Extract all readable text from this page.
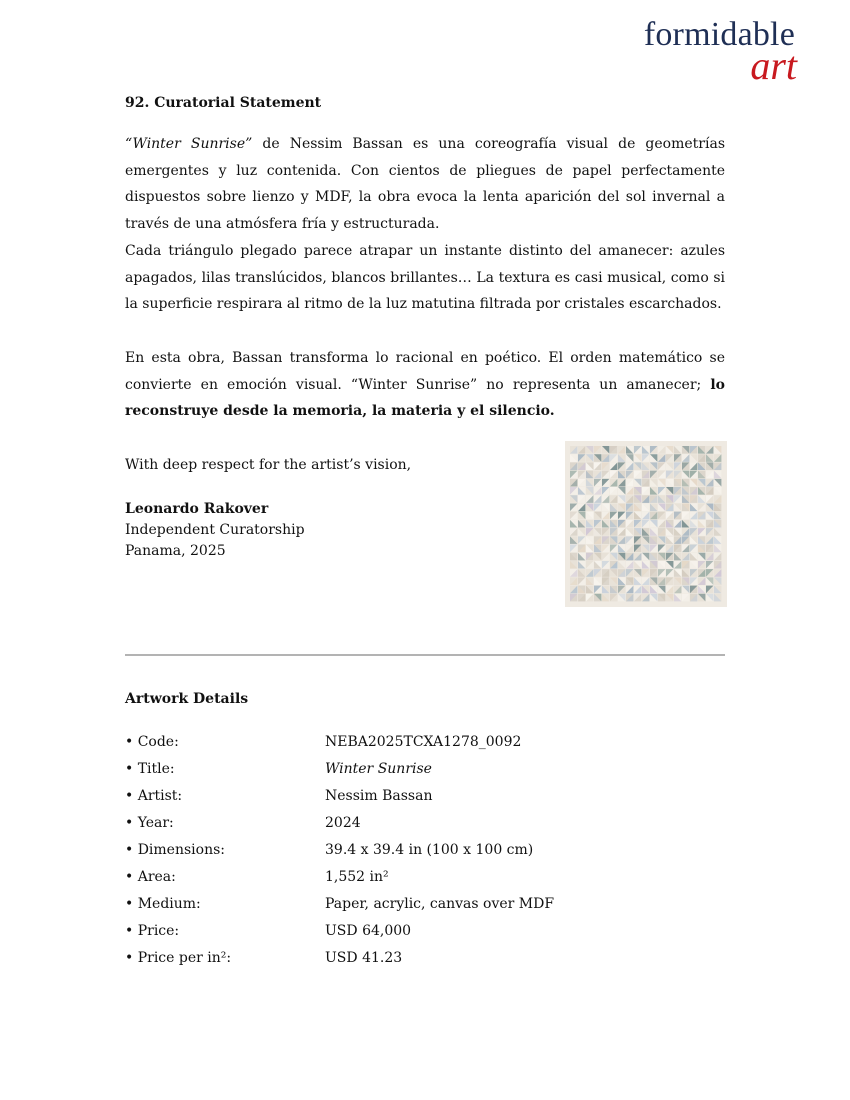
formidable
art
92. Curatorial Statement
“Winter Sunrise” de Nessim Bassan es una coreografía visual de geometrías emergentes y luz contenida. Con cientos de pliegues de papel perfectamente dispuestos sobre lienzo y MDF, la obra evoca la lenta aparición del sol invernal a través de una atmósfera fría y estructurada.
Cada triángulo plegado parece atrapar un instante distinto del amanecer: azules apagados, lilas translúcidos, blancos brillantes… La textura es casi musical, como si la superficie respirara al ritmo de la luz matutina filtrada por cristales escarchados.
En esta obra, Bassan transforma lo racional en poético. El orden matemático se convierte en emoción visual. “Winter Sunrise” no representa un amanecer; lo reconstruye desde la memoria, la materia y el silencio.
With deep respect for the artist’s vision,
Leonardo Rakover
Independent Curatorship
Panama, 2025
Artwork Details
• Code:	NEBA2025TCXA1278_0092
• Title:	Winter Sunrise
• Artist:	Nessim Bassan
• Year:	2024
• Dimensions:	39.4 x 39.4 in (100 x 100 cm)
• Area:	1,552 in²
• Medium:	Paper, acrylic, canvas over MDF
• Price:	USD 64,000
• Price per in²:	USD 41.23
